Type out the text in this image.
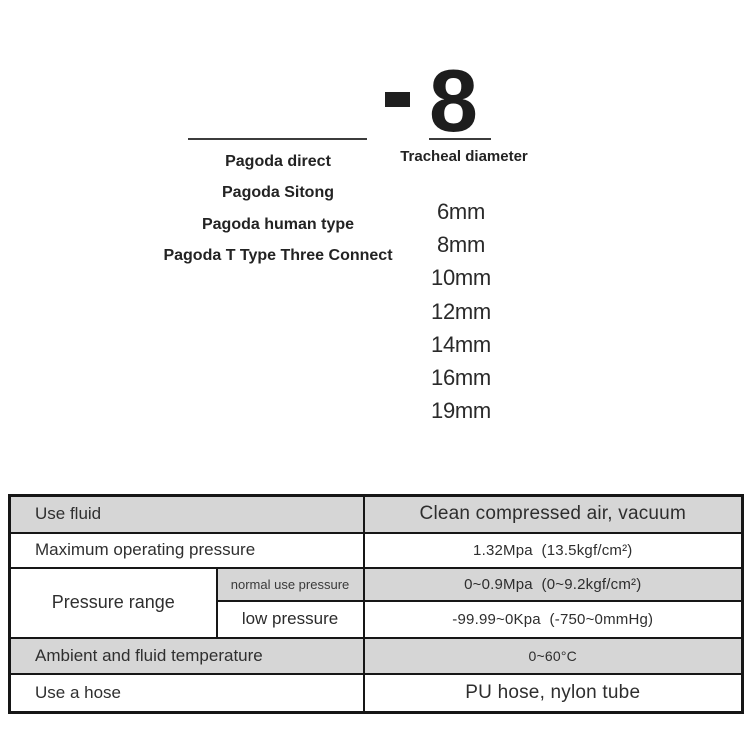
8
Pagoda direct
Pagoda Sitong
Pagoda human type
Pagoda T Type Three Connect
Tracheal diameter
6mm
8mm
10mm
12mm
14mm
16mm
19mm
Use fluid		Clean compressed air, vacuum
Maximum operating pressure		1.32Mpa  (13.5kgf/cm²)
Pressure range	normal use pressure	0~0.9Mpa  (0~9.2kgf/cm²)
	low pressure	-99.99~0Kpa  (-750~0mmHg)
Ambient and fluid temperature		0~60°C
Use a hose		PU hose, nylon tube
